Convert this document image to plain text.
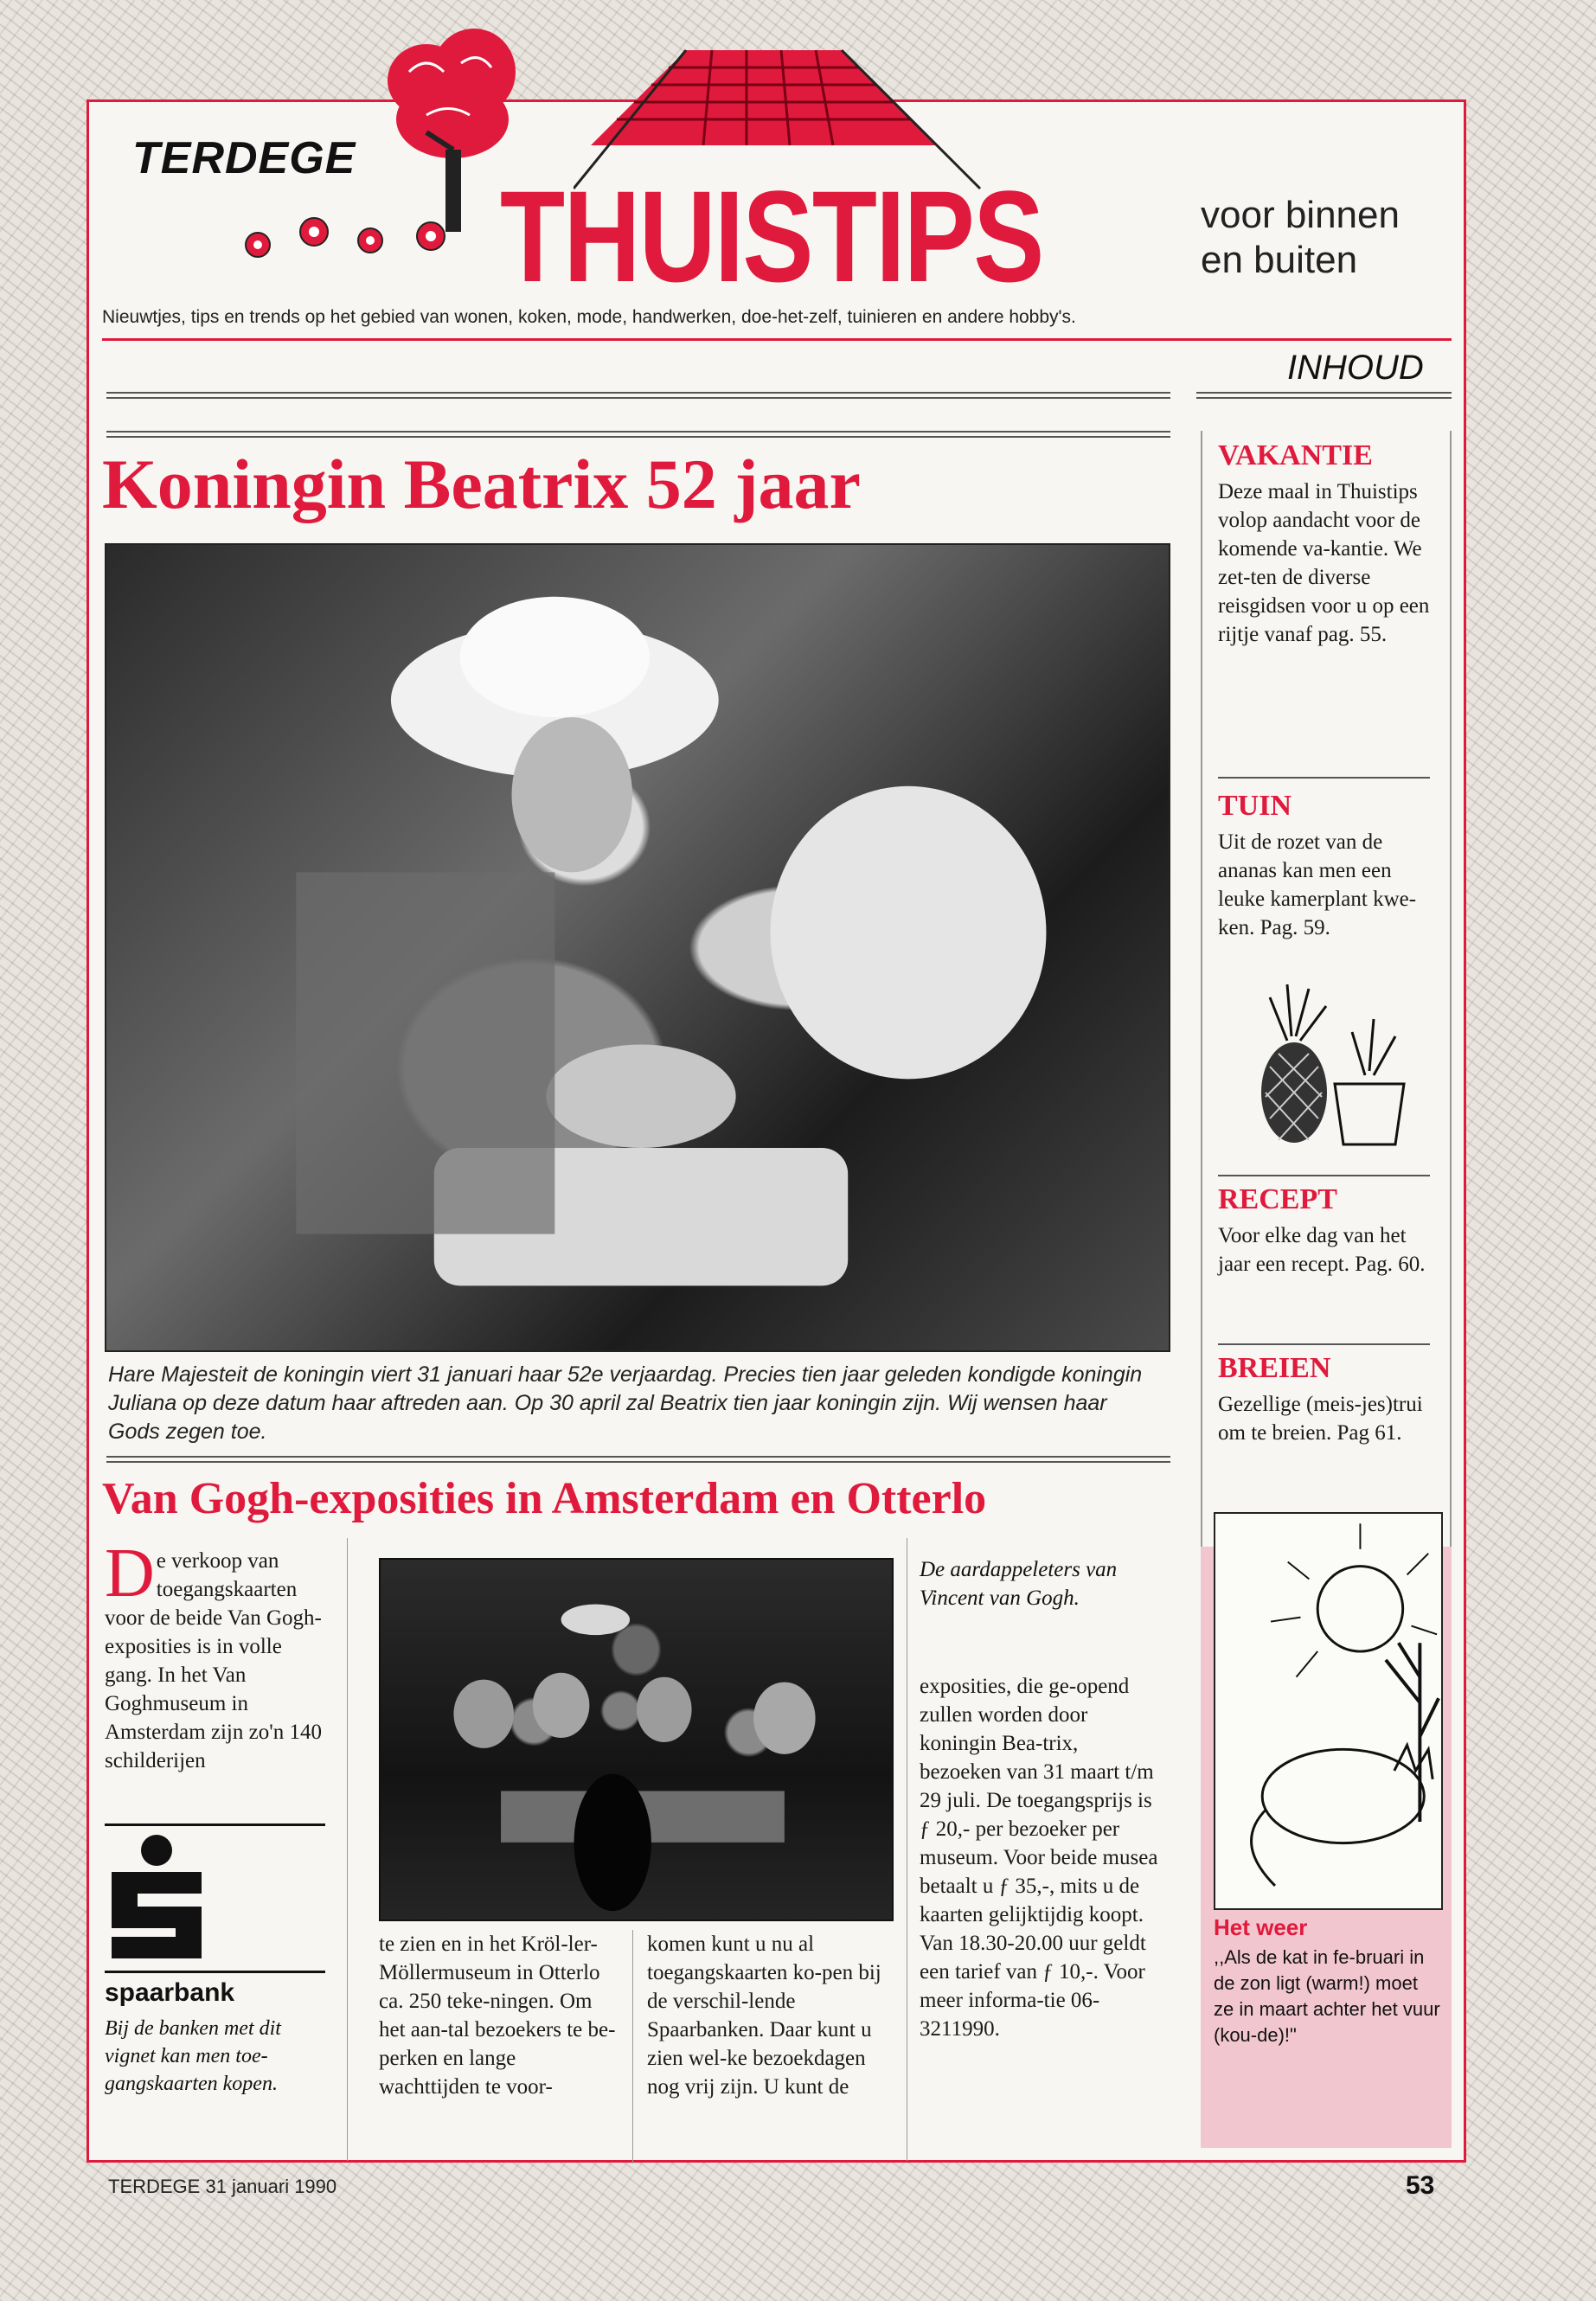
TERDEGE
THUISTIPS	voor binnen
en buiten
Nieuwtjes, tips en trends op het gebied van wonen, koken, mode, handwerken, doe-het-zelf, tuinieren en andere hobby's.
INHOUD
Koningin Beatrix 52 jaar
Hare Majesteit de koningin viert 31 januari haar 52e verjaardag. Precies tien jaar geleden kondigde koningin Juliana op deze datum haar aftreden aan. Op 30 april zal Beatrix tien jaar koningin zijn. Wij wensen haar Gods zegen toe.
Van Gogh-exposities in Amsterdam en Otterlo

De verkoop van toegangskaarten voor de beide Van Gogh-exposities is in volle gang. In het Van Goghmuseum in Amsterdam zijn zo'n 140 schilderijen

spaarbank
Bij de banken met dit vignet kan men toe-gangskaarten kopen.

te zien en in het Kröl-ler-Möllermuseum in Otterlo ca. 250 teke-ningen. Om het aan-tal bezoekers te be-perken en lange wachttijden te voor-

komen kunt u nu al toegangskaarten ko-pen bij de verschil-lende Spaarbanken. Daar kunt u zien wel-ke bezoekdagen nog vrij zijn. U kunt de

De aardappeleters van Vincent van Gogh.

exposities, die ge-opend zullen worden door koningin Bea-trix, bezoeken van 31 maart t/m 29 juli. De toegangsprijs is ƒ 20,- per bezoeker per museum. Voor beide musea betaalt u ƒ 35,-, mits u de kaarten gelijktijdig koopt. Van 18.30-20.00 uur geldt een tarief van ƒ 10,-. Voor meer informa-tie 06-3211990.

VAKANTIE

Deze maal in Thuistips volop aandacht voor de komende va-kantie. We zet-ten de diverse reisgidsen voor u op een rijtje vanaf pag. 55.

TUIN

Uit de rozet van de ananas kan men een leuke kamerplant kwe-ken. Pag. 59.

RECEPT

Voor elke dag van het jaar een recept. Pag. 60.

BREIEN

Gezellige (meis-jes)trui om te breien. Pag 61.

Het weer
,,Als de kat in fe-bruari in de zon ligt (warm!) moet ze in maart achter het vuur (kou-de)!"
TERDEGE 31 januari 1990	53
